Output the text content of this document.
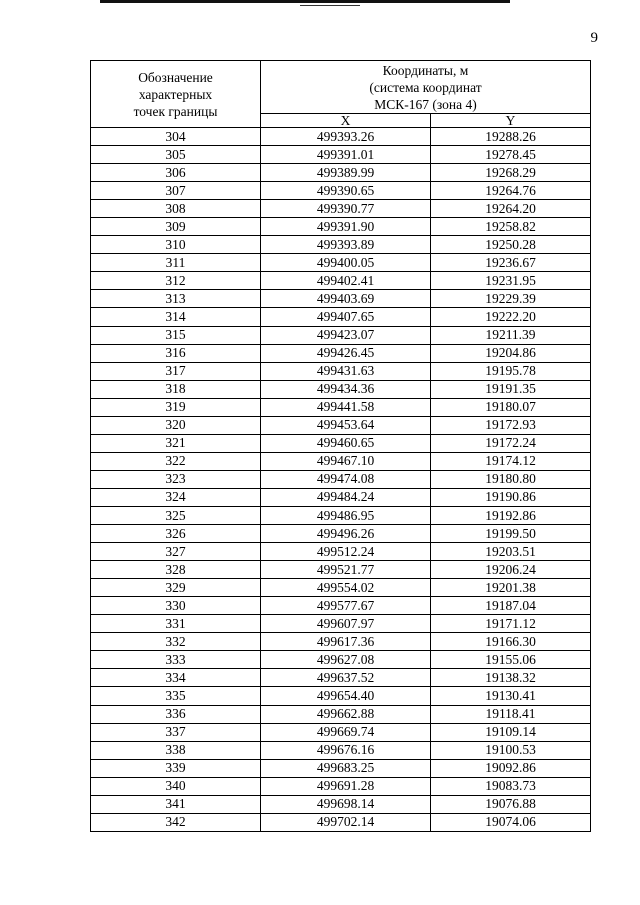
9
Обозначение
характерных
точек границы	Координаты, м
(система координат
МСК-167 (зона 4)	

	X	Y
304	499393.26	19288.26
305	499391.01	19278.45
306	499389.99	19268.29
307	499390.65	19264.76
308	499390.77	19264.20
309	499391.90	19258.82
310	499393.89	19250.28
311	499400.05	19236.67
312	499402.41	19231.95
313	499403.69	19229.39
314	499407.65	19222.20
315	499423.07	19211.39
316	499426.45	19204.86
317	499431.63	19195.78
318	499434.36	19191.35
319	499441.58	19180.07
320	499453.64	19172.93
321	499460.65	19172.24
322	499467.10	19174.12
323	499474.08	19180.80
324	499484.24	19190.86
325	499486.95	19192.86
326	499496.26	19199.50
327	499512.24	19203.51
328	499521.77	19206.24
329	499554.02	19201.38
330	499577.67	19187.04
331	499607.97	19171.12
332	499617.36	19166.30
333	499627.08	19155.06
334	499637.52	19138.32
335	499654.40	19130.41
336	499662.88	19118.41
337	499669.74	19109.14
338	499676.16	19100.53
339	499683.25	19092.86
340	499691.28	19083.73
341	499698.14	19076.88
342	499702.14	19074.06
